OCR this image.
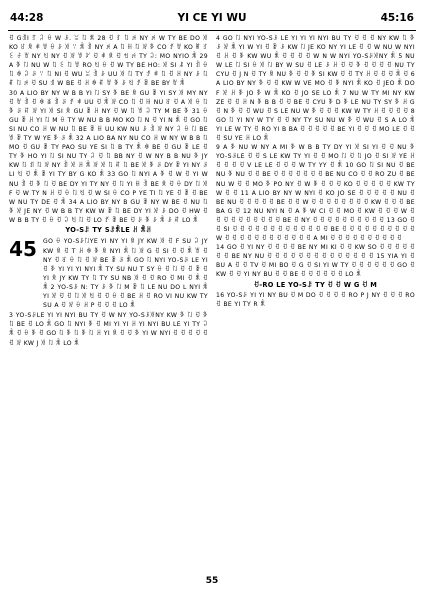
44:28	YI CE YI WU	45:16

ꀀ GꀉI ꆈ ꃀ ꂷ W ꌠ. ꈍ ꇁ ꐨ 28 ꀀ ꆏ ꇁ ꉌ NY ꉌ W TY BE DO ꑟ KO ꋒ ꌋ ꑌ ꇐ ꂷ ꌠ ꑟ ꈌ ꐨ ꀉ NY ꉌ A ꇁ ꀍ ꇁ ꑟ ꃆ CO ꀋ ꇐ KO ꂵ ꆏ ꏂ ꄐ ꇐ NY ꄔ NY ꀀ ꑟ ꇐ ꃢ ꀀ ꑌ ꌋ ꀀ ꈐ ꉌ TY ꃀ: MO NYIO ꐨ 29 A ꃆ ꇁ NU W ꇁ ꏂ ꇁ ꇐ RO ꄔ ꂷ ꀀ W TY BE HO: ꑟ SI ꂿ YI ꀉ ꂷ ꇁ ꊿ ꃀ ꌠ ꈌ ꇁ NI ꀀ WU ꈍ ꀉ ꌠ UU ꑟ ꇁ TY ꀋ ꑌ ꇁ ꀀ ꃅ NY ꌠ ꇁ ꐥ ꇁ ꉌ ꀀ SU ꀊ W BE ꀀ ꃅ ꊿ ꐥ ꇐ ꃆ ꌠ ꄔ ꀋ ꄿ BE BY ꇐ ꐨ

30 A LIO BY NY W B B YI ꇁ SY ꃆ BE ꌋ GU ꄿ YI SY ꑟ MY NY ꀀ ꇐ ꀉ ꀀ ꊿ ꁧ ꀉ ꌠ ꀋ ꑌ UU ꀀ ꐨ ꑟ CO ꇁ ꀀ ꀍ NU ꋒ ꀀ A ꑟ ꂷ ꇁ ꃆ ꌠ ꐥ ꑟ YI ꑟ SI ꌋ GU ꄿ ꃅ NY ꀀ W ꇁ ꇐ ꃀ TY M BE ꃆ 31 ꂷ GU ꄿ ꃅ YI ꇁ M ꂷ TY W NU B B MO KO ꇁ N ꀀ YI N ꐨ ꀀ GO ꇁ SI NU CO ꃅ W NU ꇁ BE ꄿ ꀍ UU KW NU ꌠ ꀉ ꑟ NY ꃀ ꂷ ꇁ BE ꇐ ꄿ TY W YE ꃆ ꌠ ꐨ 32 A LIO BA NY NU CO ꃅ W NY W B B ꇁ MO ꀀ GU ꄿ TY PAO SU YE SI ꇁ B TY ꐨ ꊿ BE ꀀ GU ꄿ LE ꀀ TY ꃆ HO YI ꇁ SI NU TY ꃀ ꀀ ꇁ BB NY ꀀ W NY B B NU ꃆ JY KW ꇁ ꀊ ꇁ ꑟ NY ꀉ ꑟ ꃅ ꐨ ꑟ ꑟ ꇁ ꐥ ꇁ BE ꑟ ꃆ ꌠ DY ꄿ YI NY ꌠ LI ꄔ ꀀ ꐨ ꄿ YI TY BY G KO ꐨ 33 GO ꇁ NYI A ꃆ ꀀ W ꀀ YI W NU ꀉ ꀀ ꃆ ꇁ ꀀ BE DY YI TY NY ꀀ ꇁ YI ꀍ ꀉ BE ꌋ ꀀ ꂷ DY ꇁ ꑟ F ꀀ W TY N ꃅ ꀀ ꂷ ꇁ ꄔ ꀀ W SI ꂷ CO P YE TI ꇁ YE ꀀ ꄿ ꀀ BE W NU TY DE ꀀ ꐨ 34 A LIO BY NY B GU ꄿ NY W BE ꀀ NU ꇁ ꃆ ꑟ JE NY ꀀ W B B TY KW W ꄿ ꇁ BE DY YI ꑟ ꌠ DO ꀀ HW ꀀ W B B TY ꀀ ꂷ ꀀ ꃀ ꄔ ꇁ ꀀ LO ꀋ ꄿ BE ꀀ ꌠ ꃆ ꌠ ꐨ ꌠ ꐥ LO ꐨ

YO-Sꌠ TY SꌠꐨLE ꃅ ꐨꃅ
45 GO ꂷ YO-SꌠꇁYE YI NY YI ꌋ JY KW ꑟ ꀀ F SU ꃀ JY KW ꌋ ꀀ T ꃅ ꊿ ꃆ ꌋ NYI ꐨ ꇁ ꑟ G ꀀ SI ꀀ ꀀ ꐨ ꇐ ꀀ NY ꀀ ꋒ ꂷ ꇁ ꀀ ꑟ BE ꄿ ꌠ ꐨ GO ꇁ NYI YO-Sꌠ LE YI ꀀ ꃆ YI YI YI NYI ꐨ TY SU NU T SY ꂷ ꀀ ꇁ ꀀ ꀀ ꄿ ꀀ YI ꌋ JY KW TY ꇁ TY SU NB ꑟ ꀀ ꀀ RO ꀀ MI ꀀ ꐨ ꀀ ꐨ 2 YO-Sꌠ N: TY ꌠ ꃆ ꇁ M ꄿ ꇁ LE NU DO L NYI ꐨ YI ꑟ ꀀ ꀀ ꇁ ꑟ ꄔ ꀀ ꀀ ꂷ ꀀ BE ꃅ ꀀ RO VI NU KW TY SU A ꀀ ꑟ ꂷ ꃅ P ꀀ ꀀ ꀀ LO ꐨ

3 YO-SꌠLE YI YI NYI BU TY ꀀ W NY YO-SꌠꑟNY KW ꃆ ꇁ ꀀ ꃆ ꇁ BE ꀀ LO ꐨ GO ꇁ NYI ꃆ ꀀ MI YI YI ꃅ YI NYI BU LE YI TY ꃀ ꐨ ꀀ ꂷ ꃆ ꀀ GO ꇁ ꃆ ꇁ ꃆ ꇁ ꃅ YI ꌋ ꀀ ꀀ ꃆ YI W NYI ꀀ ꀀ ꀀ ꀀ ꀀ ꀀ ꑟ KW J ꑟ ꇁ ꐨ LO ꐨ

4 GO ꇁ NYI YO-Sꌠ LE YI YI YI NYI BU TY ꀀ ꀀ ꀀ NY KW ꇁ ꃆ ꌠ ꑟ ꐨ YI W YI ꀀ ꄿ ꌠ KW ꇁ JE KO NY YI LE ꀀ ꀀ W NU W NYI ꀀ ꃅ ꀀ ꃆ KW WU ꐨ ꀀ ꀀ ꀀ ꀀ W N W NYI YO-SꌠꑟNY ꐨ 5 NU W LE ꇁ SI ꂷ ꑟ ꇁ BY W SU ꀀ LE ꌠ ꃅ ꀀ ꀀ ꃆ ꀀ ꀀ ꀀ ꀀ NU TY CYU ꀀ J N ꀀ TY ꌋ NU ꃆ ꀀ ꀀ ꃆ SI KW ꀀ ꀀ TY ꃅ ꀀ ꀀ ꀀ ꐨ ꀀ 6 A LIO BY NY ꃆ ꀀ ꀀ KW W VE MO ꀀ ꃆ NYI ꐨ KO ꀀ JEO ꐨ DO F ꑟ ꃅ ꃆ JO ꃆ W ꐨ KO ꀀ JO SE LO ꐨ 7 NU W TY MI NY KW ZE ꀀ ꀀ ꃅ N ꃆ B B ꀀ ꀀ BE ꀀ CYU ꃆ D ꃆ LE NU TY SY ꃆ ꃅ G ꀀ N ꃆ ꀀ ꀀ WU ꀀ S LE NU W ꃆ ꀀ ꀀ ꀀ KW W TY ꃅ ꀀ ꀀ ꀀ ꀀ 8 GO ꇁ YI NY W TY ꀀ ꀀ NY TY SU NU W ꃆ ꀀ WU ꀀ S A LO ꐨ YI LE W TY ꀀ RO YI B BA ꀀ ꀀ ꀀ ꀀ ꀀ BE YI ꀀ ꀀ ꀀ MO LE ꀀ ꀀ ꀀ SU YE ꃅ LO ꐨ

9 A ꃆ NU W NY A MI ꃆ W B B TY DY YI ꑟ SI YI ꀀ ꀀ NU ꃆ YO-SꌠLE ꀀ ꀀ S LE KW TY YI ꀀ ꀀ MO ꇁ ꀀ ꇁ JO ꀀ SI ꑟ YE ꃅ ꀀ ꀀ ꀀ ꀀ V LE LE ꀀ ꀀ ꀀ W TY YY ꀀ ꐨ 10 GO ꇁ SI NU ꀀ BE NU ꃆ NU ꀀ ꀀ BE ꀀ ꀀ ꀀ ꀀ ꀀ ꀀ ꀀ BE NU CO ꀀ ꀀ RO ZU ꀀ BE NU W ꀀ ꀀ MO ꃆ PO NY ꀀ W ꃆ ꀀ ꀀ ꀀ KO ꀀ ꀀ ꀀ ꀀ ꀀ KW TY W ꀀ ꀀ 11 A LIO BY NY W NYI ꀀ KO JO SE ꀀ ꀀ ꀀ ꀀ ꀀ NU ꀀ BE NU ꀀ ꀀ ꀀ ꀀ ꀀ BE ꀀ ꀀ W ꀀ ꀀ ꀀ ꀀ ꀀ ꀀ ꀀ ꀀ KW ꀀ ꀀ ꀀ BE BA G ꀀ 12 NU NYI N ꀀ A ꃆ W CI ꀀ ꀀ MO ꀀ KW ꀀ ꀀ ꀀ W ꀀ ꀀ ꀀ ꀀ ꀀ ꀀ ꀀ ꀀ ꀀ ꀀ BE ꀀ NY ꀀ ꀀ ꀀ ꀀ ꀀ ꀀ ꀀ ꀀ ꀀ ꀀ 13 GO ꀀ ꀀ SI ꀀ ꀀ ꀀ ꀀ ꀀ ꀀ ꀀ ꀀ ꀀ ꀀ ꀀ ꀀ ꀀ BE ꀀ ꀀ ꀀ ꀀ ꀀ ꀀ ꀀ ꀀ ꀀ ꀀ W ꀀ ꀀ ꀀ ꀀ ꀀ ꀀ ꀀ ꀀ ꀀ ꀀ ꀀ ꀀ A MI ꀀ ꀀ ꀀ ꀀ ꀀ ꀀ ꀀ ꀀ ꀀ ꀀ

14 GO ꀀ YI NY ꀀ ꀀ ꀀ ꀀ BE NY MI KI ꀀ ꀀ KW SO ꀀ ꀀ ꀀ ꀀ ꀀ ꀀ ꀀ BE NY NU ꀀ ꀀ ꀀ ꀀ ꀀ ꀀ ꀀ ꀀ ꀀ ꀀ ꀀ ꀀ ꀀ ꀀ 15 YIA YI ꀀ BU A ꀀ ꀀ TV ꀀ MI BO ꀀ G ꀀ SI YI W TY ꀀ ꀀ ꀀ ꀀ ꀀ ꀀ GO ꀀ KW ꀀ ꀀ YI NY BU ꀀ ꀀ BE ꀀ ꀀ ꀀ ꀀ ꀀ ꀀ LO ꐨ

ꀀ-RO LE YO-Sꌠ TY ꀀ ꀀ W G ꀀ M

16 YO-Sꌠ YI YI NY BU ꀀ M DO ꀀ ꀀ ꀀ ꀀ RO P J NY ꀀ ꀀ ꀀ RO ꀀ BE YI TY R ꐨ

55
